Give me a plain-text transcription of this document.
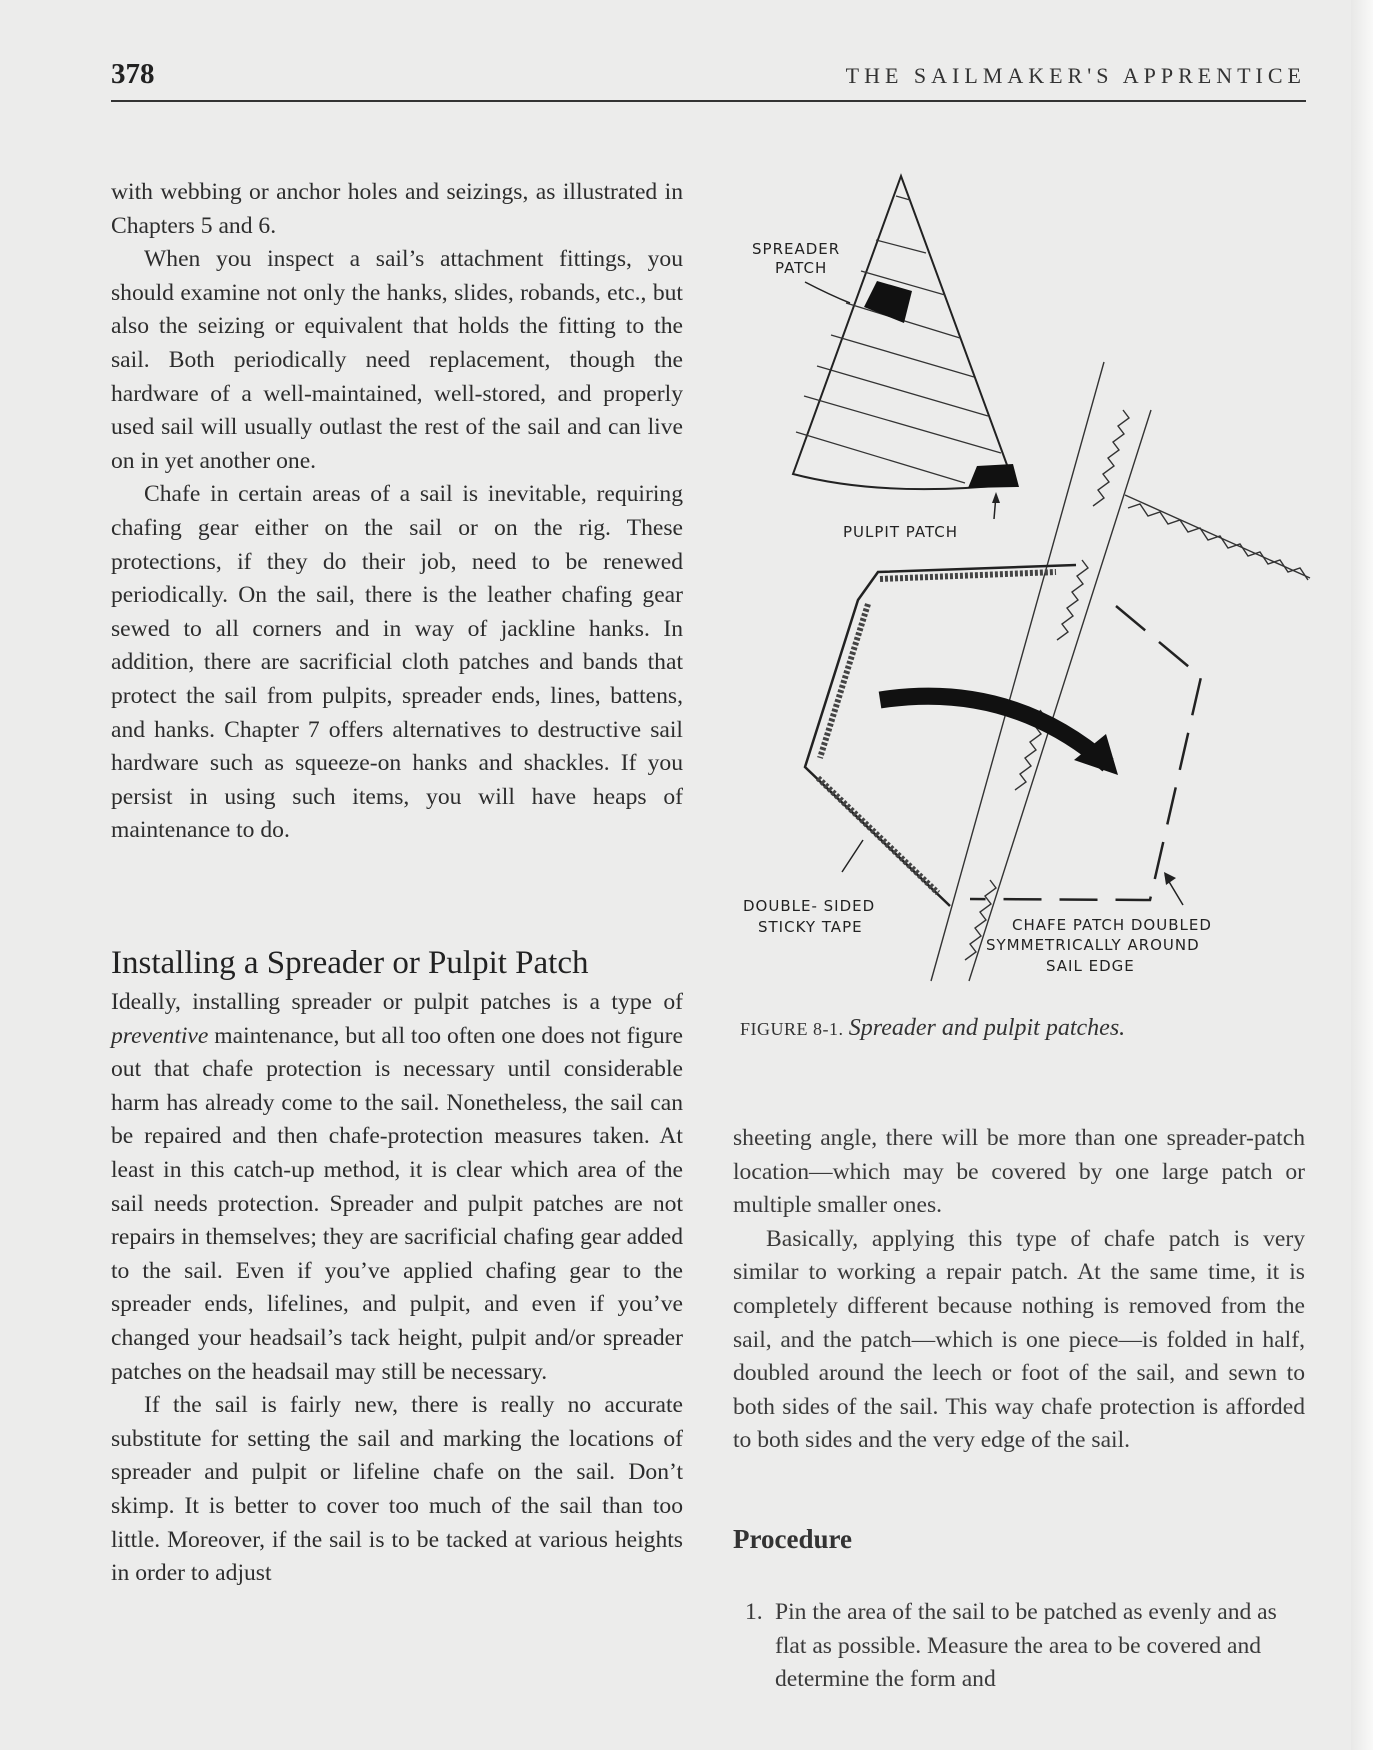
378	THE SAILMAKER'S APPRENTICE

with webbing or anchor holes and seizings, as illustrated in Chapters 5 and 6.

When you inspect a sail’s attachment fittings, you should examine not only the hanks, slides, robands, etc., but also the seizing or equivalent that holds the fitting to the sail. Both periodically need replacement, though the hardware of a well-maintained, well-stored, and properly used sail will usually outlast the rest of the sail and can live on in yet another one.

Chafe in certain areas of a sail is inevitable, requiring chafing gear either on the sail or on the rig. These protections, if they do their job, need to be renewed periodically. On the sail, there is the leather chafing gear sewed to all corners and in way of jackline hanks. In addition, there are sacrificial cloth patches and bands that protect the sail from pulpits, spreader ends, lines, battens, and hanks. Chapter 7 offers alternatives to destructive sail hardware such as squeeze-on hanks and shackles. If you persist in using such items, you will have heaps of maintenance to do.

Installing a Spreader or Pulpit Patch

Ideally, installing spreader or pulpit patches is a type of preventive maintenance, but all too often one does not figure out that chafe protection is necessary until considerable harm has already come to the sail. Nonetheless, the sail can be repaired and then chafe-protection measures taken. At least in this catch-up method, it is clear which area of the sail needs protection. Spreader and pulpit patches are not repairs in themselves; they are sacrificial chafing gear added to the sail. Even if you’ve applied chafing gear to the spreader ends, lifelines, and pulpit, and even if you’ve changed your headsail’s tack height, pulpit and/or spreader patches on the headsail may still be necessary.

If the sail is fairly new, there is really no accurate substitute for setting the sail and marking the locations of spreader and pulpit or lifeline chafe on the sail. Don’t skimp. It is better to cover too much of the sail than too little. Moreover, if the sail is to be tacked at various heights in order to adjust

SPREADER
PATCH
PULPIT PATCH
DOUBLE- SIDED
STICKY TAPE	CHAFE PATCH DOUBLED
SYMMETRICALLY AROUND
SAIL EDGE
FIGURE 8-1. Spreader and pulpit patches.

sheeting angle, there will be more than one spreader-patch location—which may be covered by one large patch or multiple smaller ones.

Basically, applying this type of chafe patch is very similar to working a repair patch. At the same time, it is completely different because nothing is removed from the sail, and the patch—which is one piece—is folded in half, doubled around the leech or foot of the sail, and sewn to both sides of the sail. This way chafe protection is afforded to both sides and the very edge of the sail.

Procedure
1. Pin the area of the sail to be patched as evenly and as flat as possible. Measure the area to be covered and determine the form and
